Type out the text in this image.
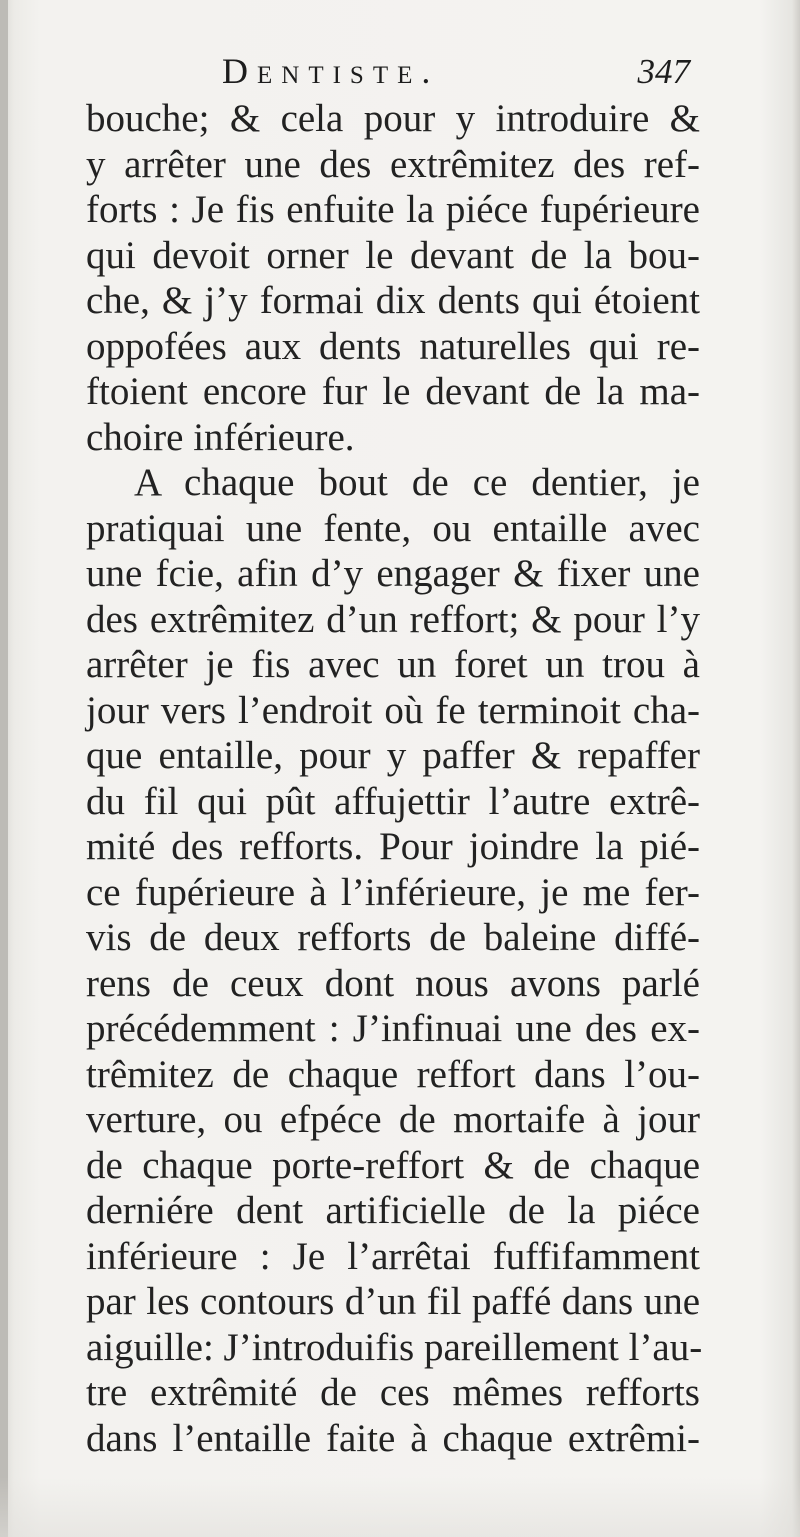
Dentiste.	347
bouche; & cela pour y introduire &
y arrêter une des extrêmitez des ref-
forts : Je fis enfuite la piéce fupérieure
qui devoit orner le devant de la bou-
che, & j’y formai dix dents qui étoient
oppofées aux dents naturelles qui re-
ftoient encore fur le devant de la ma-
choire inférieure.
A chaque bout de ce dentier, je
pratiquai une fente, ou entaille avec
une fcie, afin d’y engager & fixer une
des extrêmitez d’un reffort; & pour l’y
arrêter je fis avec un foret un trou à
jour vers l’endroit où fe terminoit cha-
que entaille, pour y paffer & repaffer
du fil qui pût affujettir l’autre extrê-
mité des refforts. Pour joindre la pié-
ce fupérieure à l’inférieure, je me fer-
vis de deux refforts de baleine diffé-
rens de ceux dont nous avons parlé
précédemment : J’infinuai une des ex-
trêmitez de chaque reffort dans l’ou-
verture, ou efpéce de mortaife à jour
de chaque porte-reffort & de chaque
derniére dent artificielle de la piéce
inférieure : Je l’arrêtai fuffifamment
par les contours d’un fil paffé dans une
aiguille: J’introduifis pareillement l’au-
tre extrêmité de ces mêmes refforts
dans l’entaille faite à chaque extrêmi-
